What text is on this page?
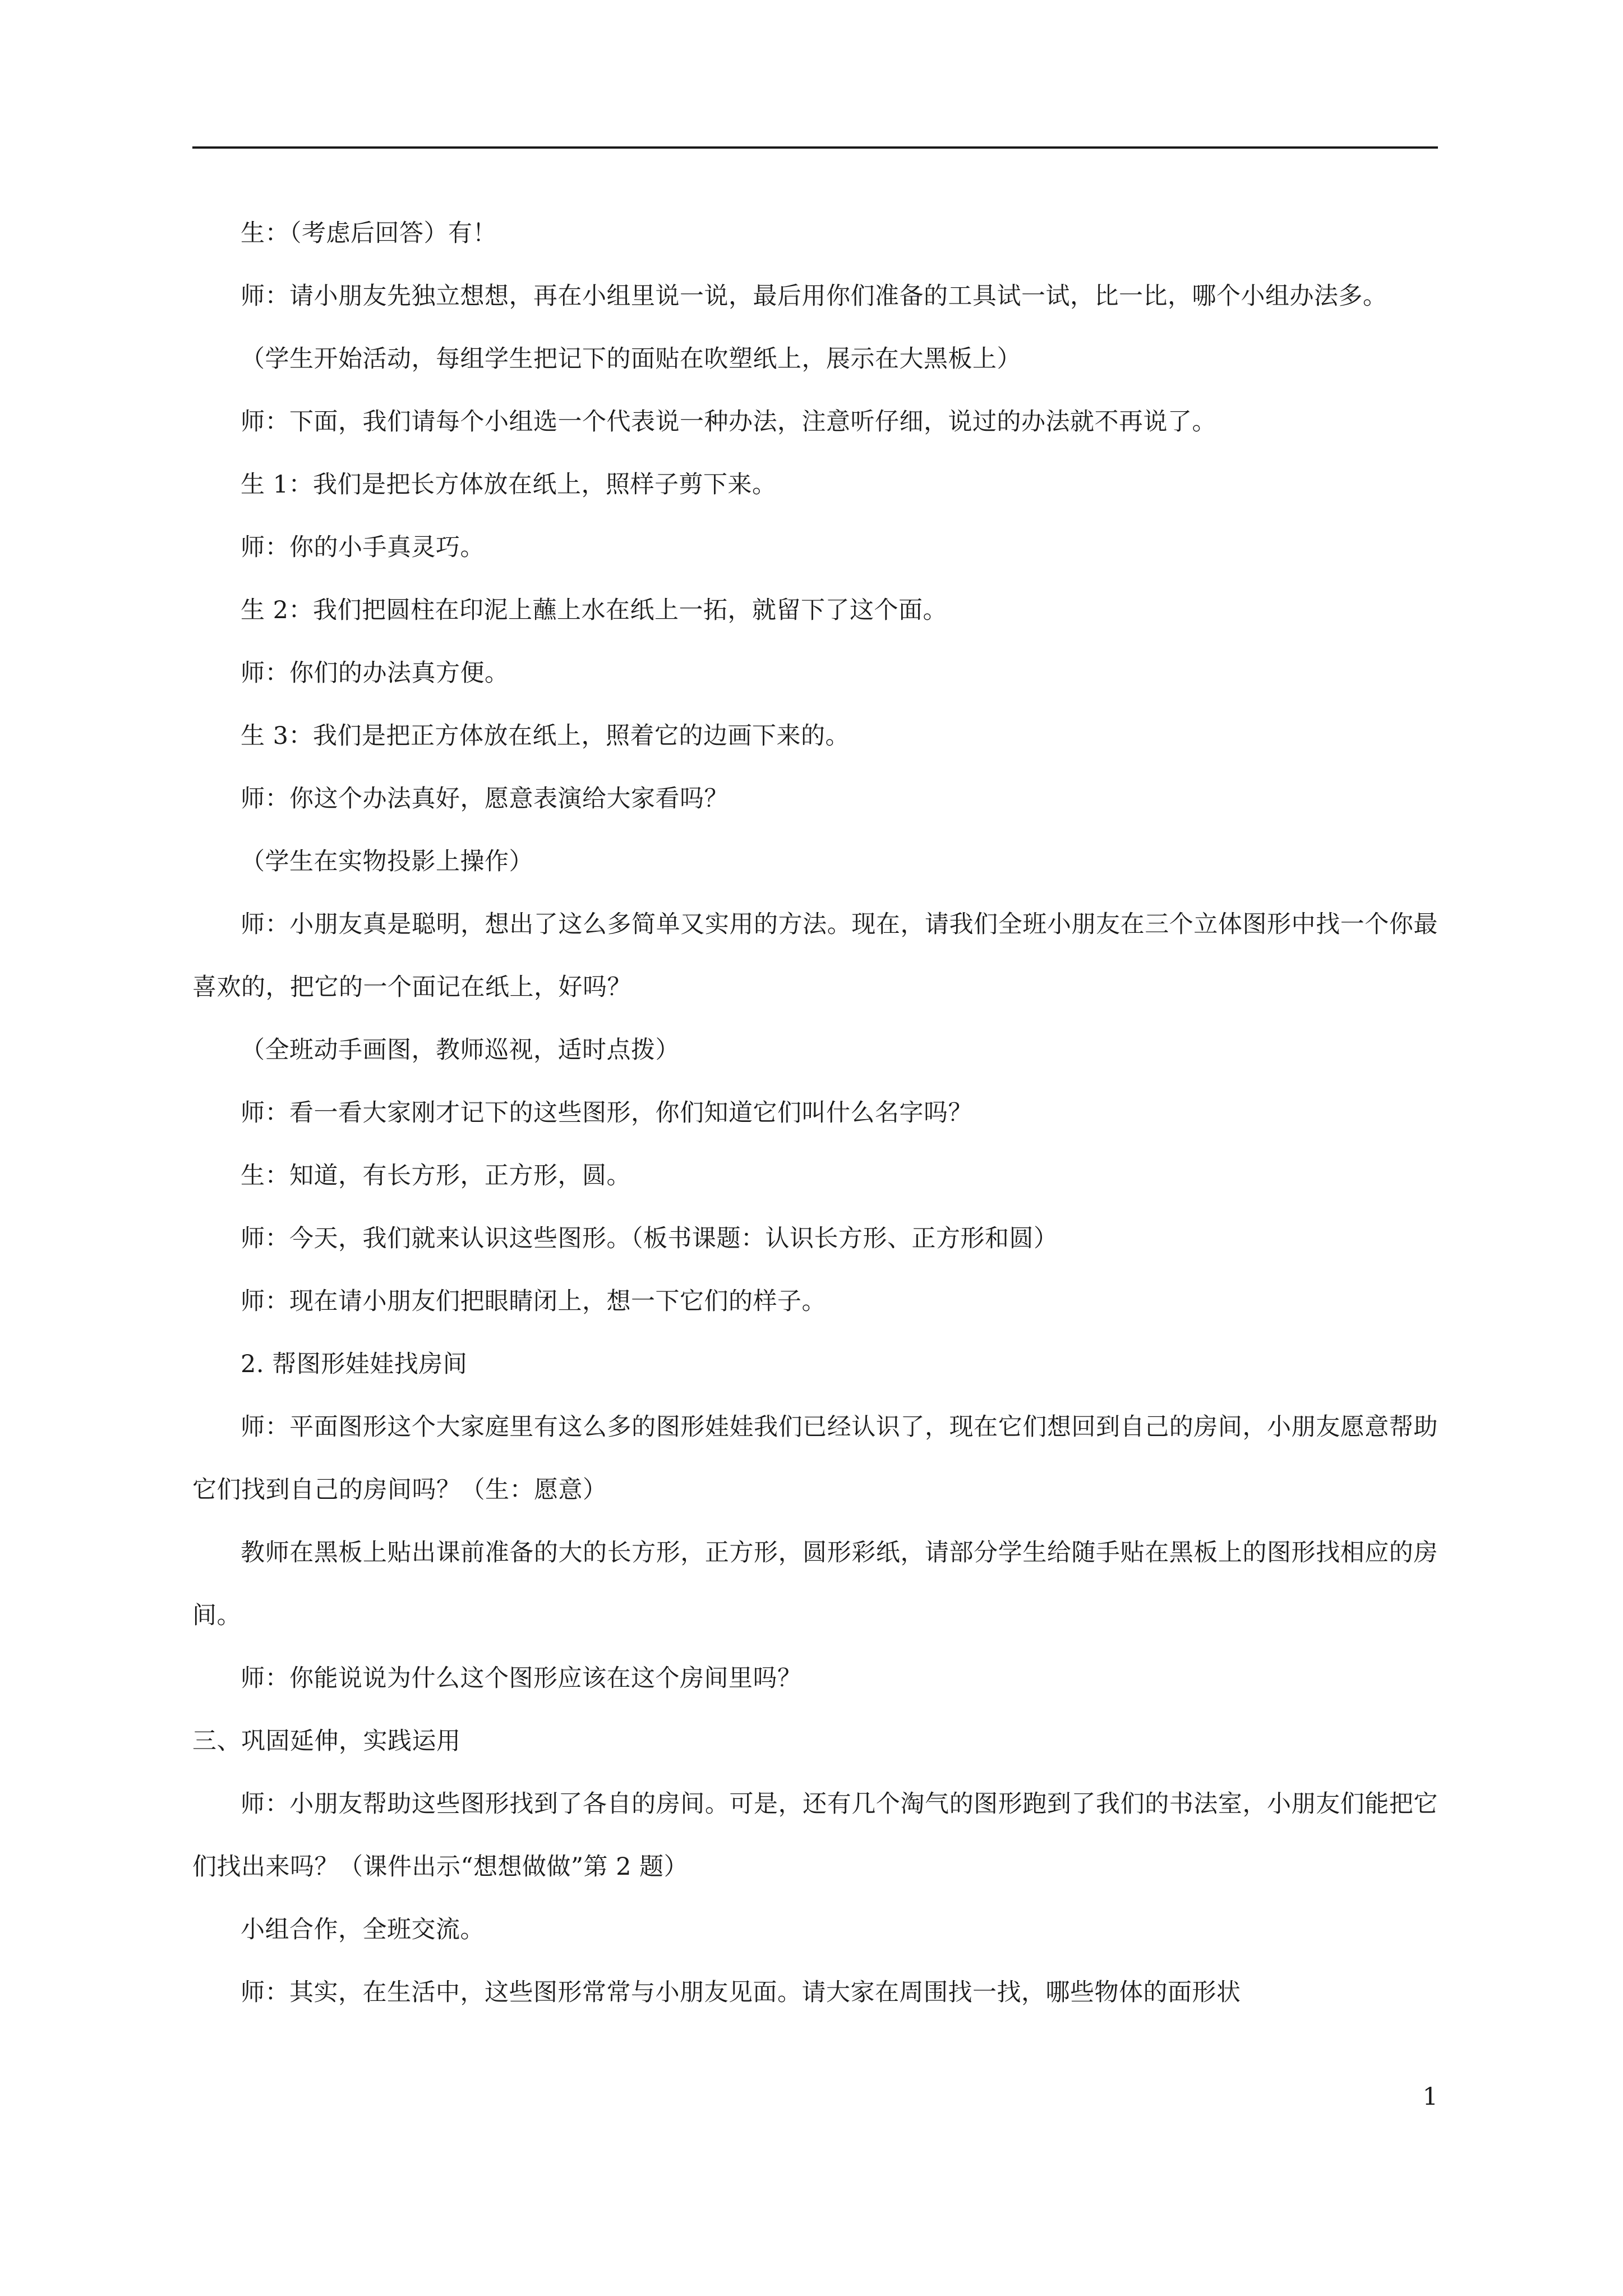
生：（考虑后回答）有！

师：请小朋友先独立想想，再在小组里说一说，最后用你们准备的工具试一试，比一比，哪个小组办法多。

（学生开始活动，每组学生把记下的面贴在吹塑纸上，展示在大黑板上）

师：下面，我们请每个小组选一个代表说一种办法，注意听仔细，说过的办法就不再说了。

生 1：我们是把长方体放在纸上，照样子剪下来。

师：你的小手真灵巧。

生 2：我们把圆柱在印泥上蘸上水在纸上一拓，就留下了这个面。

师：你们的办法真方便。

生 3：我们是把正方体放在纸上，照着它的边画下来的。

师：你这个办法真好，愿意表演给大家看吗？

（学生在实物投影上操作）

师：小朋友真是聪明，想出了这么多简单又实用的方法。现在，请我们全班小朋友在三个立体图形中找一个你最喜欢的，把它的一个面记在纸上，好吗？

（全班动手画图，教师巡视，适时点拨）

师：看一看大家刚才记下的这些图形，你们知道它们叫什么名字吗？

生：知道，有长方形，正方形，圆。

师：今天，我们就来认识这些图形。（板书课题：认识长方形、正方形和圆）

师：现在请小朋友们把眼睛闭上，想一下它们的样子。

2. 帮图形娃娃找房间

师：平面图形这个大家庭里有这么多的图形娃娃我们已经认识了，现在它们想回到自己的房间，小朋友愿意帮助它们找到自己的房间吗？（生：愿意）

教师在黑板上贴出课前准备的大的长方形，正方形，圆形彩纸，请部分学生给随手贴在黑板上的图形找相应的房间。

师：你能说说为什么这个图形应该在这个房间里吗？

三、巩固延伸，实践运用

师：小朋友帮助这些图形找到了各自的房间。可是，还有几个淘气的图形跑到了我们的书法室，小朋友们能把它们找出来吗？（课件出示“想想做做”第 2 题）

小组合作，全班交流。

师：其实，在生活中，这些图形常常与小朋友见面。请大家在周围找一找，哪些物体的面形状

1
